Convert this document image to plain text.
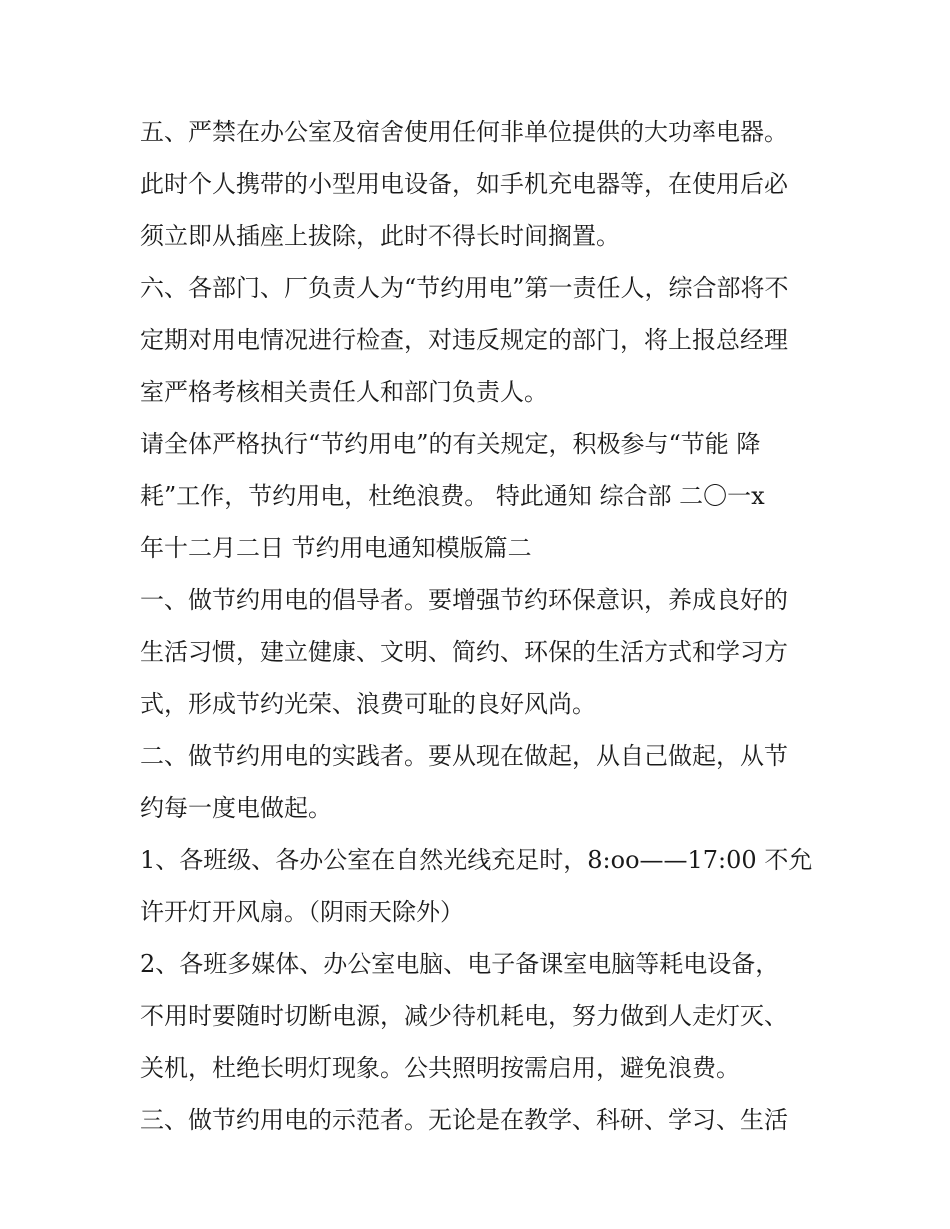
五、严禁在办公室及宿舍使用任何非单位提供的大功率电器。
此时个人携带的小型用电设备，如手机充电器等，在使用后必
须立即从插座上拔除，此时不得长时间搁置。
六、各部门、厂负责人为“节约用电”第一责任人，综合部将不
定期对用电情况进行检查，对违反规定的部门，将上报总经理
室严格考核相关责任人和部门负责人。
请全体严格执行“节约用电”的有关规定，积极参与“节能 降
耗”工作，节约用电，杜绝浪费。 特此通知 综合部 二〇一x
年十二月二日 节约用电通知模版篇二
一、做节约用电的倡导者。要增强节约环保意识，养成良好的
生活习惯，建立健康、文明、简约、环保的生活方式和学习方
式，形成节约光荣、浪费可耻的良好风尚。
二、做节约用电的实践者。要从现在做起，从自己做起，从节
约每一度电做起。
1、各班级、各办公室在自然光线充足时，8:oo——17:00 不允
许开灯开风扇。（阴雨天除外）
2、各班多媒体、办公室电脑、电子备课室电脑等耗电设备，
不用时要随时切断电源，减少待机耗电，努力做到人走灯灭、
关机，杜绝长明灯现象。公共照明按需启用，避免浪费。
三、做节约用电的示范者。无论是在教学、科研、学习、生活
